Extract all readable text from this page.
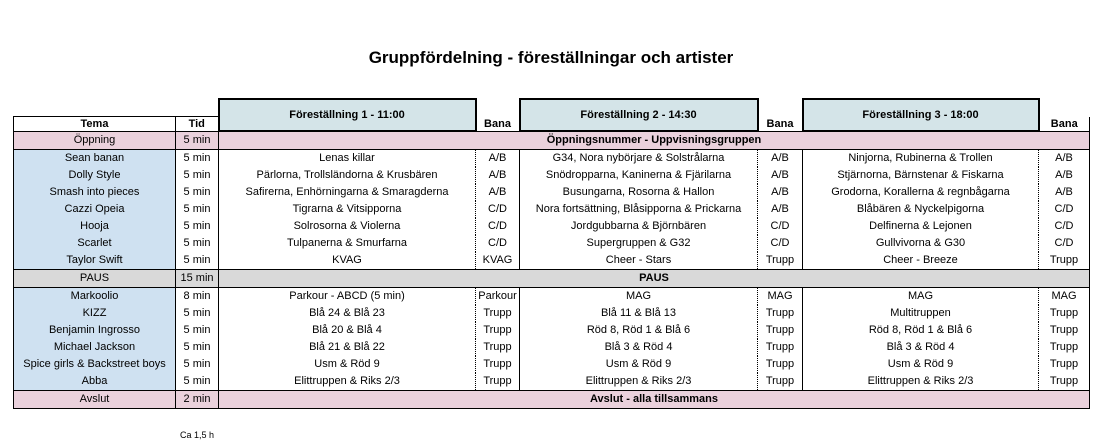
Gruppfördelning - föreställningar och artister
		Föreställning 1 - 11:00		Föreställning 2 - 14:30		Föreställning 3 - 18:00	
Tema	Tid		Bana		Bana		Bana
Öppning	5 min	Öppningsnummer - Uppvisningsgruppen					
Sean banan	5 min	Lenas killar	A/B	G34, Nora nybörjare & Solstrålarna	A/B	Ninjorna, Rubinerna & Trollen	A/B
Dolly Style	5 min	Pärlorna, Trollsländorna & Krusbären	A/B	Snödropparna, Kaninerna & Fjärilarna	A/B	Stjärnorna, Bärnstenar & Fiskarna	A/B
Smash into pieces	5 min	Safirerna, Enhörningarna & Smaragderna	A/B	Busungarna, Rosorna & Hallon	A/B	Grodorna, Korallerna & regnbågarna	A/B
Cazzi Opeia	5 min	Tigrarna & Vitsipporna	C/D	Nora fortsättning, Blåsipporna & Prickarna	A/B	Blåbären & Nyckelpigorna	C/D
Hooja	5 min	Solrosorna & Violerna	C/D	Jordgubbarna & Björnbären	C/D	Delfinerna & Lejonen	C/D
Scarlet	5 min	Tulpanerna & Smurfarna	C/D	Supergruppen & G32	C/D	Gullvivorna & G30	C/D
Taylor Swift	5 min	KVAG	KVAG	Cheer - Stars	Trupp	Cheer - Breeze	Trupp
PAUS	15 min	PAUS					
Markoolio	8 min	Parkour - ABCD (5 min)	Parkour	MAG	MAG	MAG	MAG
KIZZ	5 min	Blå 24 & Blå 23	Trupp	Blå 11 & Blå 13	Trupp	Multitruppen	Trupp
Benjamin Ingrosso	5 min	Blå 20 & Blå 4	Trupp	Röd 8, Röd 1 & Blå 6	Trupp	Röd 8, Röd 1 & Blå 6	Trupp
Michael Jackson	5 min	Blå 21 & Blå 22	Trupp	Blå 3 & Röd 4	Trupp	Blå 3 & Röd 4	Trupp
Spice girls & Backstreet boys	5 min	Usm & Röd 9	Trupp	Usm & Röd 9	Trupp	Usm & Röd 9	Trupp
Abba	5 min	Elittruppen & Riks 2/3	Trupp	Elittruppen & Riks 2/3	Trupp	Elittruppen & Riks 2/3	Trupp
Avslut	2 min	Avslut - alla tillsammans					
Ca 1,5 h
